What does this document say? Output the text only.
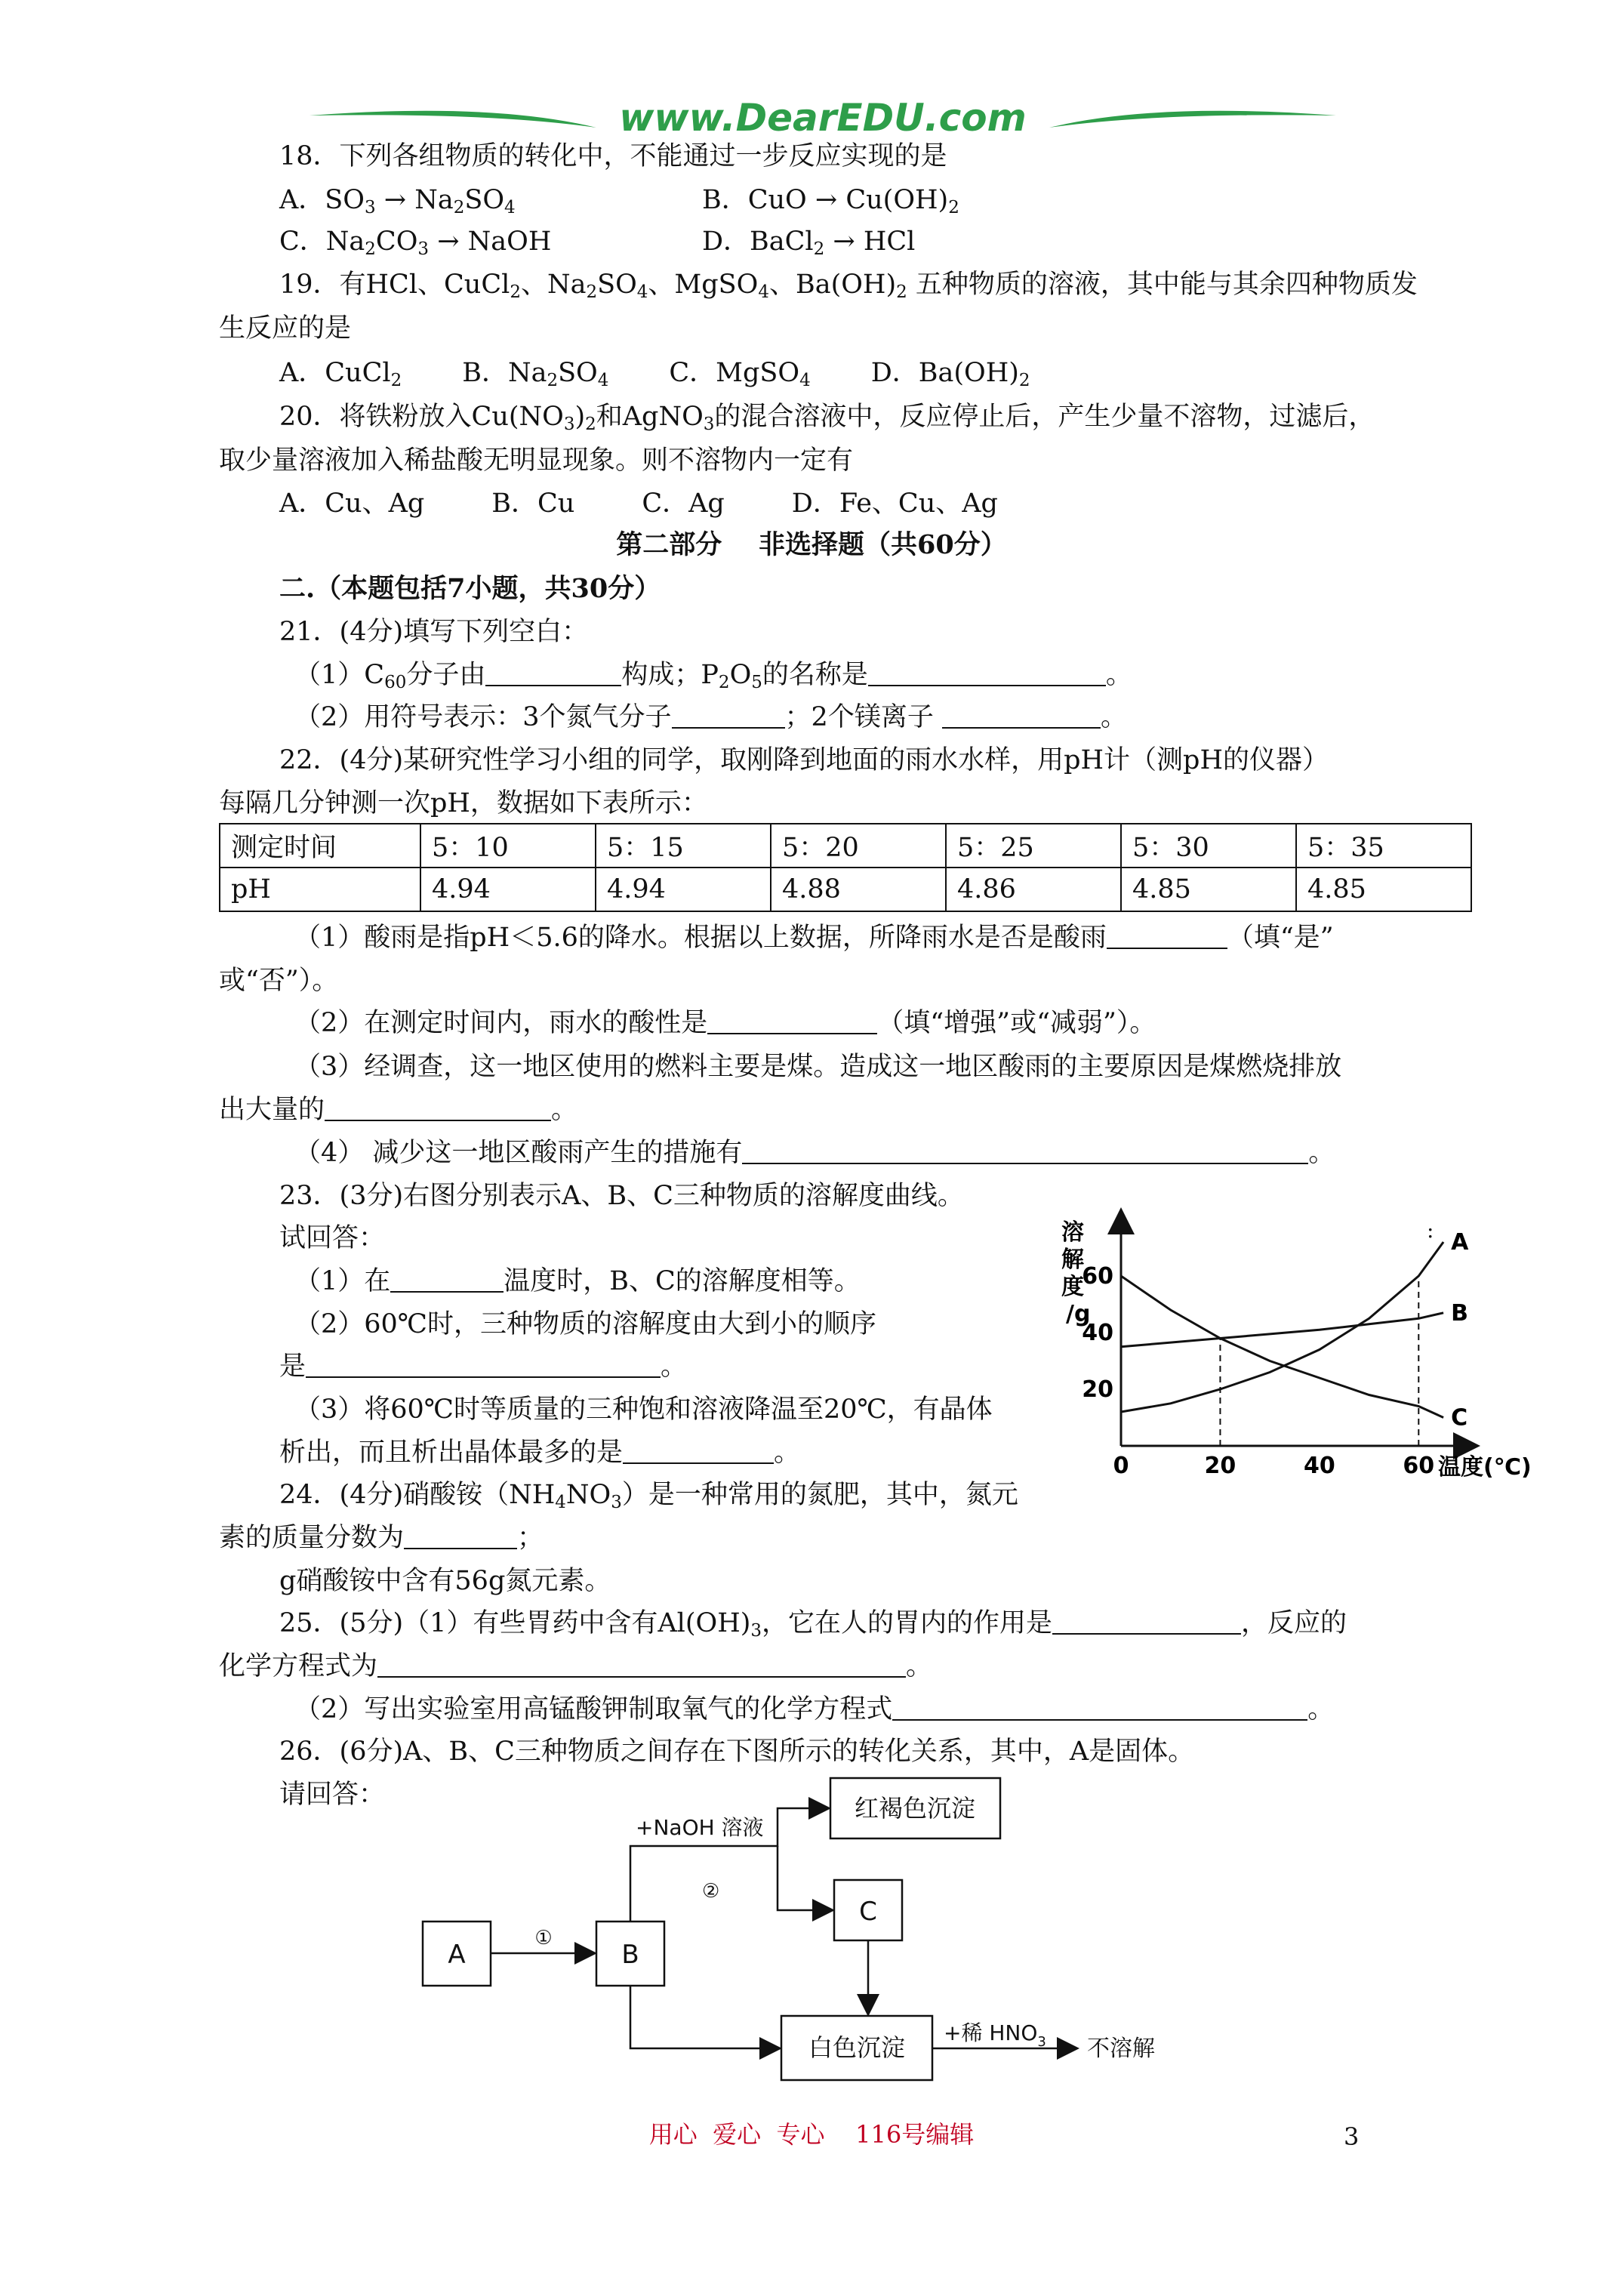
www.DearEDU.com
18．下列各组物质的转化中，不能通过一步反应实现的是
A．$SO_3 \to Na_2SO_4$	B．CuO → $Cu(OH)_2$
C．$Na_2CO_3$ → NaOH	D．BaCl$_2$ → HCl
19．有HCl、CuCl$_2$、$Na_2SO_4$、MgSO$_4$、$Ba(OH)_2$ 五种物质的溶液，其中能与其余四种物质发
生反应的是
A．CuCl$_2$ B．$Na_2SO_4$ C．MgSO$_4$ D．$Ba(OH)_2$
20．将铁粉放入$Cu(NO_3)_2$和AgNO$_3$的混合溶液中，反应停止后，产生少量不溶物，过滤后，
取少量溶液加入稀盐酸无明显现象。则不溶物内一定有
A．Cu、Ag        B．Cu        C．Ag        D．Fe、Cu、Ag
第二部分    非选择题（共60分）
二.（本题包括7小题，共30分）
21．(4分)填写下列空白：
$(1)C_{60}$分子由	构成；$P_2O_5$的名称是	。
（2）用符号表示：3个氮气分子	；2个镁离子	。
22．(4分)某研究性学习小组的同学，取刚降到地面的雨水水样，用pH计（测pH的仪器）
每隔几分钟测一次pH，数据如下表所示：
测定时间	5：10	5：15	5：20	5：25	5：30	5：35
pH	4.94	4.94	4.88	4.86	4.85	4.85
（1）酸雨是指pH＜5.6的降水。根据以上数据，所降雨水是否是酸雨	（填“是”
或“否”）。
（2）在测定时间内，雨水的酸性是	（填“增强”或“减弱”）。
（3）经调查，这一地区使用的燃料主要是煤。造成这一地区酸雨的主要原因是煤燃烧排放
出大量的	。
（4） 减少这一地区酸雨产生的措施有	。
23．(3分)右图分别表示A、B、C三种物质的溶解度曲线。
试回答：
（1）在	温度时，B、C的溶解度相等。
（2）60℃时，三种物质的溶解度由大到小的顺序
是	。
（3）将60℃时等质量的三种饱和溶液降温至20℃，有晶体
析出，而且析出晶体最多的是	。
溶
解
度
/g
0	20	40	60
20
40
60
温度(℃)
A
B
C
:
24．(4分)硝酸铵$(NH_4NO_3)$是一种常用的氮肥，其中，氮元
素的质量分数为	；
g硝酸铵中含有56g氮元素。
25．(5分)（1）有些胃药中含有$Al(OH)_3$，它在人的胃内的作用是	，反应的
化学方程式为	。
（2）写出实验室用高锰酸钾制取氧气的化学方程式	。
26．(6分)A、B、C三种物质之间存在下图所示的转化关系，其中，A是固体。
请回答：
A	B
红褐色沉淀
C
白色沉淀
①
+NaOH 溶液
②
+稀 $HNO_3$ 不溶解
用心  爱心  专心    116号编辑	3
